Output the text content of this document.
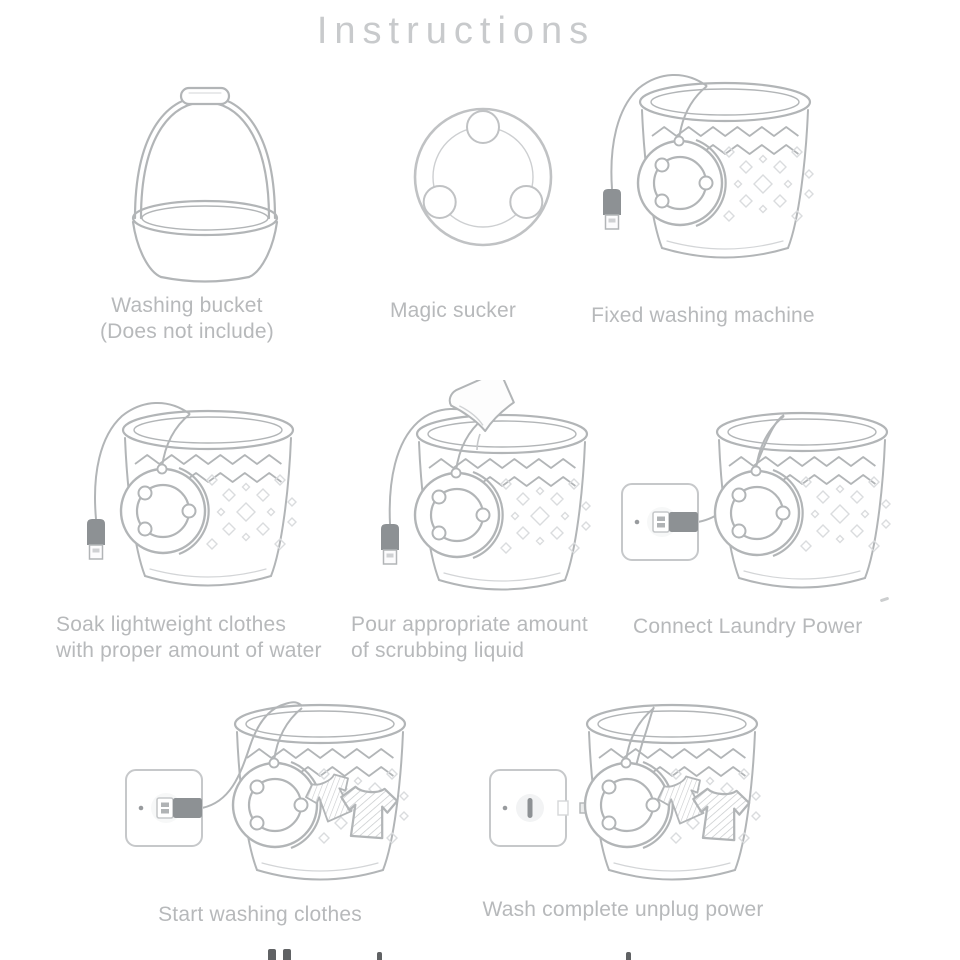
Instructions
Washing bucket
(Does not include)
Magic sucker	Fixed washing machine
Soak lightweight clothes
with proper amount of water
Pour appropriate amount
of scrubbing liquid
Connect Laundry Power
Start washing clothes	Wash complete unplug power
